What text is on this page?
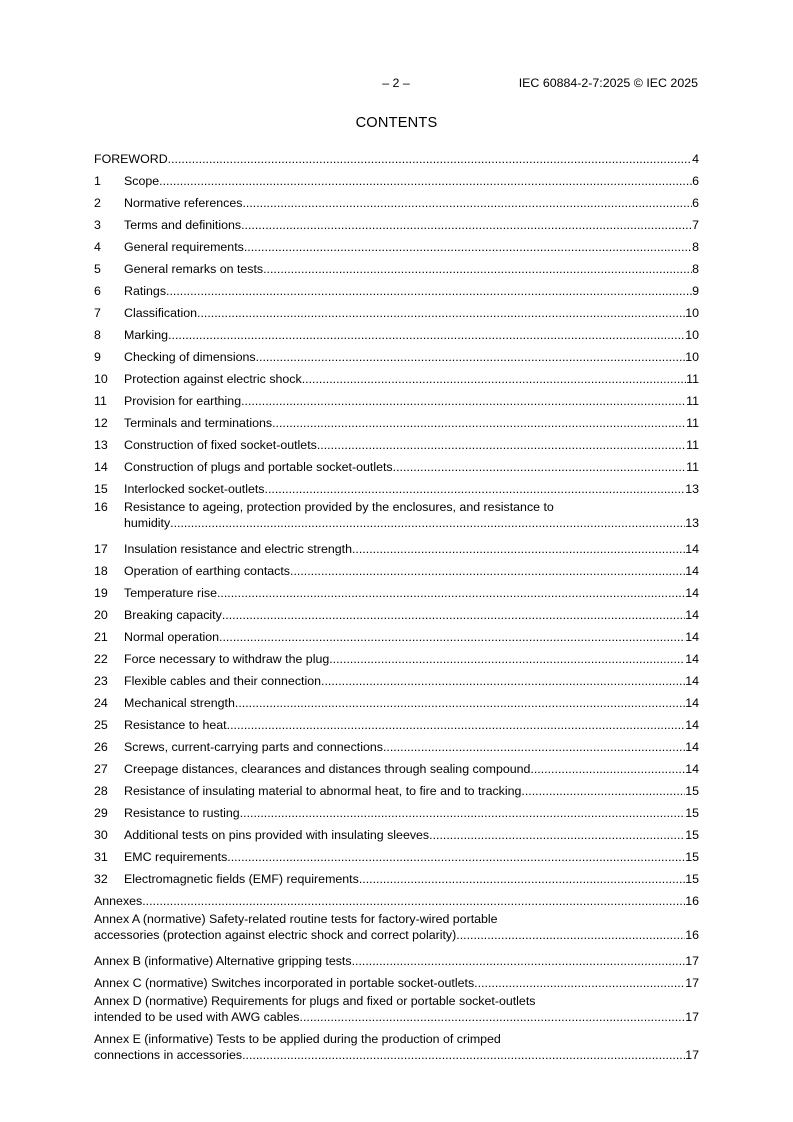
– 2 –	IEC 60884-2-7:2025 © IEC 2025
CONTENTS
FOREWORD .....	4
1	Scope .....	6
2	Normative references .....	6
3	Terms and definitions .....	7
4	General requirements .....	8
5	General remarks on tests .....	8
6	Ratings .....	9
7	Classification .....	10
8	Marking .....	10
9	Checking of dimensions .....	10
10	Protection against electric shock .....	11
11	Provision for earthing .....	11
12	Terminals and terminations .....	11
13	Construction of fixed socket-outlets .....	11
14	Construction of plugs and portable socket-outlets .....	11
15	Interlocked socket-outlets .....	13
16	Resistance to ageing, protection provided by the enclosures, and resistance to
humidity .....	13
17	Insulation resistance and electric strength .....	14
18	Operation of earthing contacts .....	14
19	Temperature rise .....	14
20	Breaking capacity .....	14
21	Normal operation .....	14
22	Force necessary to withdraw the plug .....	14
23	Flexible cables and their connection .....	14
24	Mechanical strength .....	14
25	Resistance to heat .....	14
26	Screws, current-carrying parts and connections .....	14
27	Creepage distances, clearances and distances through sealing compound .....	14
28	Resistance of insulating material to abnormal heat, to fire and to tracking .....	15
29	Resistance to rusting .....	15
30	Additional tests on pins provided with insulating sleeves .....	15
31	EMC requirements .....	15
32	Electromagnetic fields (EMF) requirements .....	15
Annexes .....	16
Annex A (normative) Safety-related routine tests for factory-wired portable
accessories (protection against electric shock and correct polarity) .....	16
Annex B (informative) Alternative gripping tests .....	17
Annex C (normative) Switches incorporated in portable socket-outlets .....	17
Annex D (normative) Requirements for plugs and fixed or portable socket-outlets
intended to be used with AWG cables .....	17
Annex E (informative) Tests to be applied during the production of crimped
connections in accessories .....	17
